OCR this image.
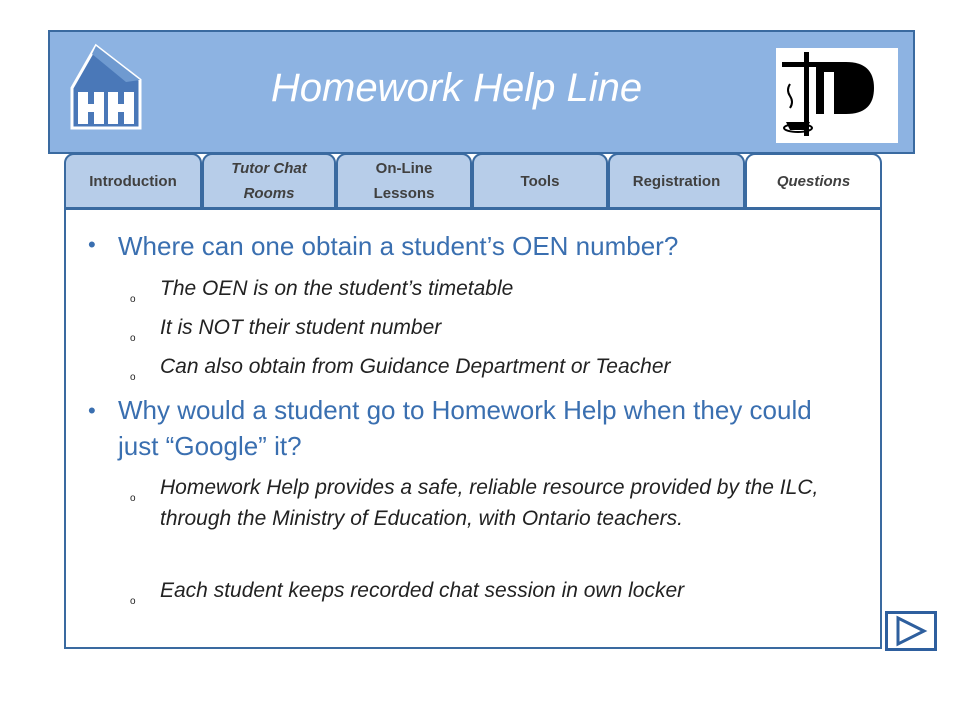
Homework Help Line
Introduction
Tutor Chat Rooms
On-Line Lessons
Tools	Registration	Questions
• Where can one obtain a student’s OEN number?
o The OEN is on the student’s timetable
o It is NOT their student number
o Can also obtain from Guidance Department or Teacher
• Why would a student go to Homework Help when they could just “Google” it?
o Homework Help provides a safe, reliable resource provided by the ILC, through the Ministry of Education, with Ontario teachers.
o Each student keeps recorded chat session in own locker
